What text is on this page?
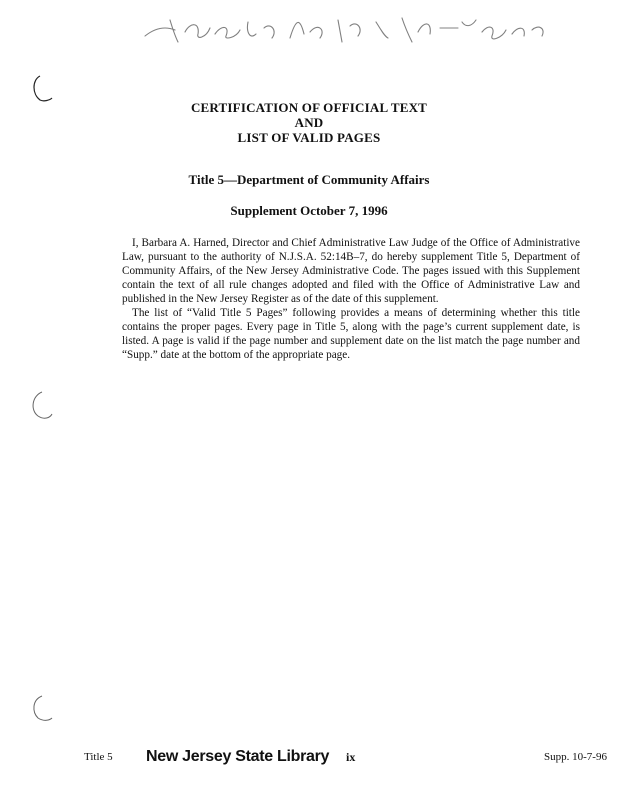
CERTIFICATION OF OFFICIAL TEXT
AND
LIST OF VALID PAGES
Title 5—Department of Community Affairs
Supplement October 7, 1996

I, Barbara A. Harned, Director and Chief Administrative Law Judge of the Office of Administrative Law, pursuant to the authority of N.J.S.A. 52:14B–7, do hereby supplement Title 5, Department of Community Affairs, of the New Jersey Administrative Code. The pages issued with this Supplement contain the text of all rule changes adopted and filed with the Office of Administrative Law and published in the New Jersey Register as of the date of this supplement.

The list of “Valid Title 5 Pages” following provides a means of determining whether this title contains the proper pages. Every page in Title 5, along with the page’s current supplement date, is listed. A page is valid if the page number and supplement date on the list match the page number and “Supp.” date at the bottom of the appropriate page.

Title 5 New Jersey State Library ix	Supp. 10-7-96
